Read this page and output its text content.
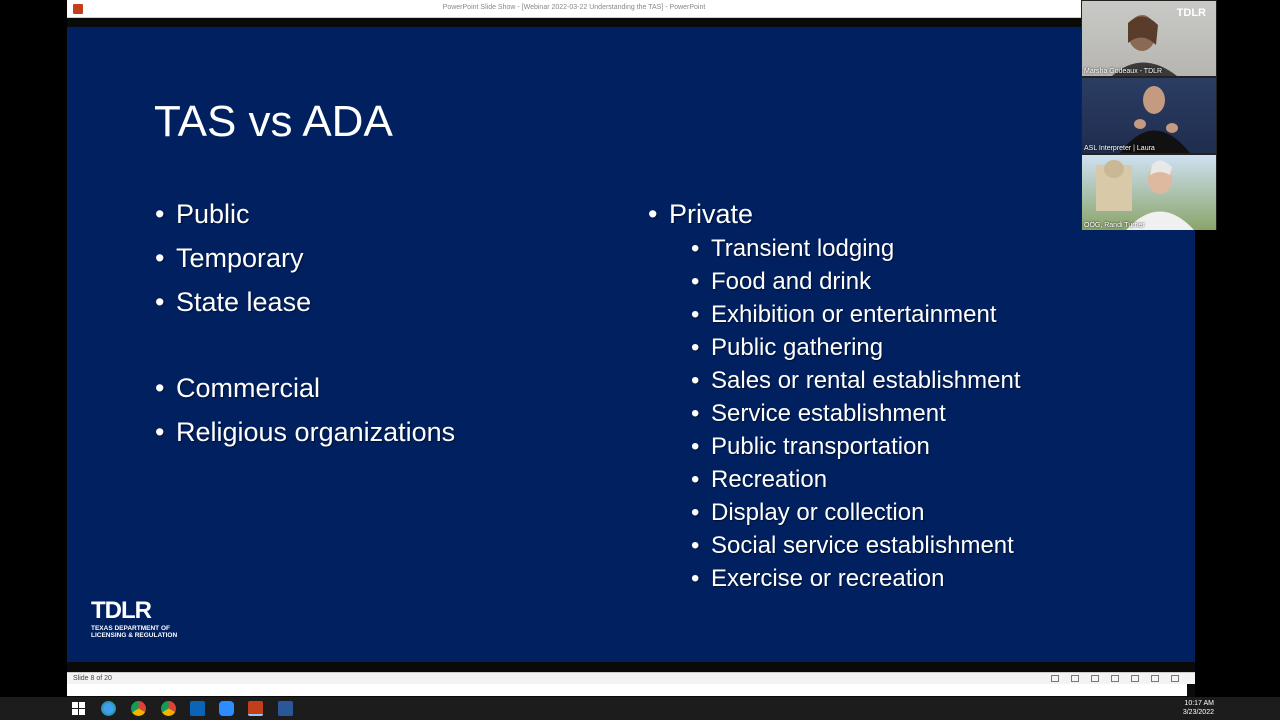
PowerPoint Slide Show - [Webinar 2022-03-22 Understanding the TAS] - PowerPoint
TAS vs ADA
• Public
• Temporary
• State lease
• Commercial
• Religious organizations
• Private
• Transient lodging
• Food and drink
• Exhibition or entertainment
• Public gathering
• Sales or rental establishment
• Service establishment
• Public transportation
• Recreation
• Display or collection
• Social service establishment
• Exercise or recreation
TDLR
TEXAS DEPARTMENT OF
LICENSING & REGULATION
Slide 8 of 20
TDLR
Marsha Godeaux - TDLR
ASL Interpreter | Laura
OOG, Randi Turner
10:17 AM
3/23/2022
